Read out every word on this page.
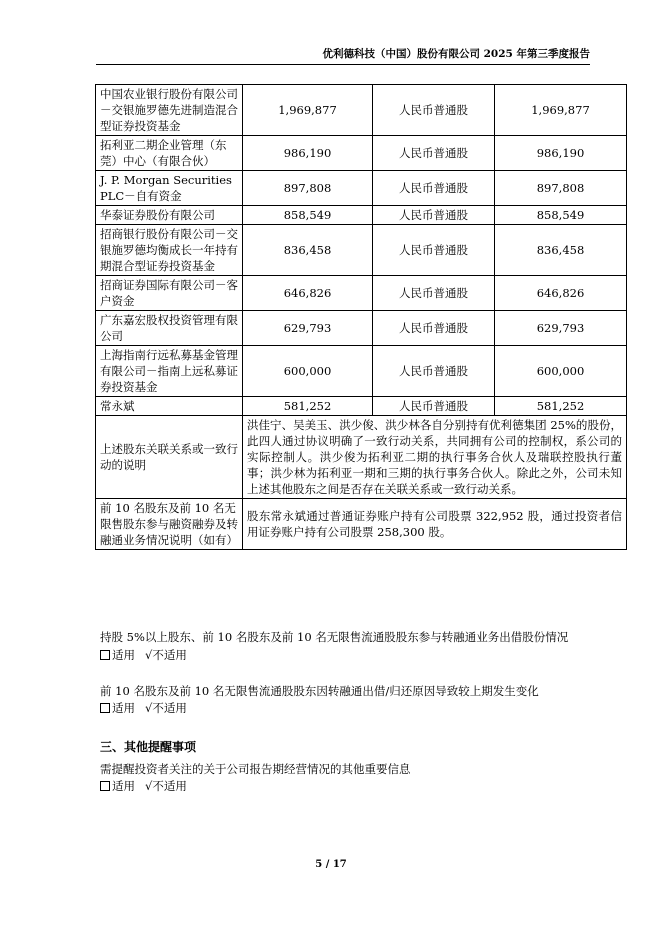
优利德科技（中国）股份有限公司 2025 年第三季度报告
中国农业银行股份有限公司－交银施罗德先进制造混合型证券投资基金	1,969,877	人民币普通股	1,969,877
拓利亚二期企业管理（东莞）中心（有限合伙）	986,190	人民币普通股	986,190
J. P. Morgan Securities PLC－自有资金	897,808	人民币普通股	897,808
华泰证券股份有限公司	858,549	人民币普通股	858,549
招商银行股份有限公司－交银施罗德均衡成长一年持有期混合型证券投资基金	836,458	人民币普通股	836,458
招商证券国际有限公司－客户资金	646,826	人民币普通股	646,826
广东嘉宏股权投资管理有限公司	629,793	人民币普通股	629,793
上海指南行远私募基金管理有限公司－指南上远私募证券投资基金	600,000	人民币普通股	600,000
常永斌	581,252	人民币普通股	581,252
上述股东关联关系或一致行动的说明	洪佳宁、吴美玉、洪少俊、洪少林各自分别持有优利德集团 25%的股份，此四人通过协议明确了一致行动关系，共同拥有公司的控制权，系公司的实际控制人。洪少俊为拓利亚二期的执行事务合伙人及瑞联控股执行董事；洪少林为拓利亚一期和三期的执行事务合伙人。除此之外，公司未知上述其他股东之间是否存在关联关系或一致行动关系。		
前 10 名股东及前 10 名无限售股东参与融资融券及转融通业务情况说明（如有）	股东常永斌通过普通证券账户持有公司股票 322,952 股，通过投资者信用证券账户持有公司股票 258,300 股。		
持股 5%以上股东、前 10 名股东及前 10 名无限售流通股股东参与转融通业务出借股份情况
适用 √不适用
前 10 名股东及前 10 名无限售流通股股东因转融通出借/归还原因导致较上期发生变化
适用 √不适用
三、其他提醒事项
需提醒投资者关注的关于公司报告期经营情况的其他重要信息
适用 √不适用
5 / 17
